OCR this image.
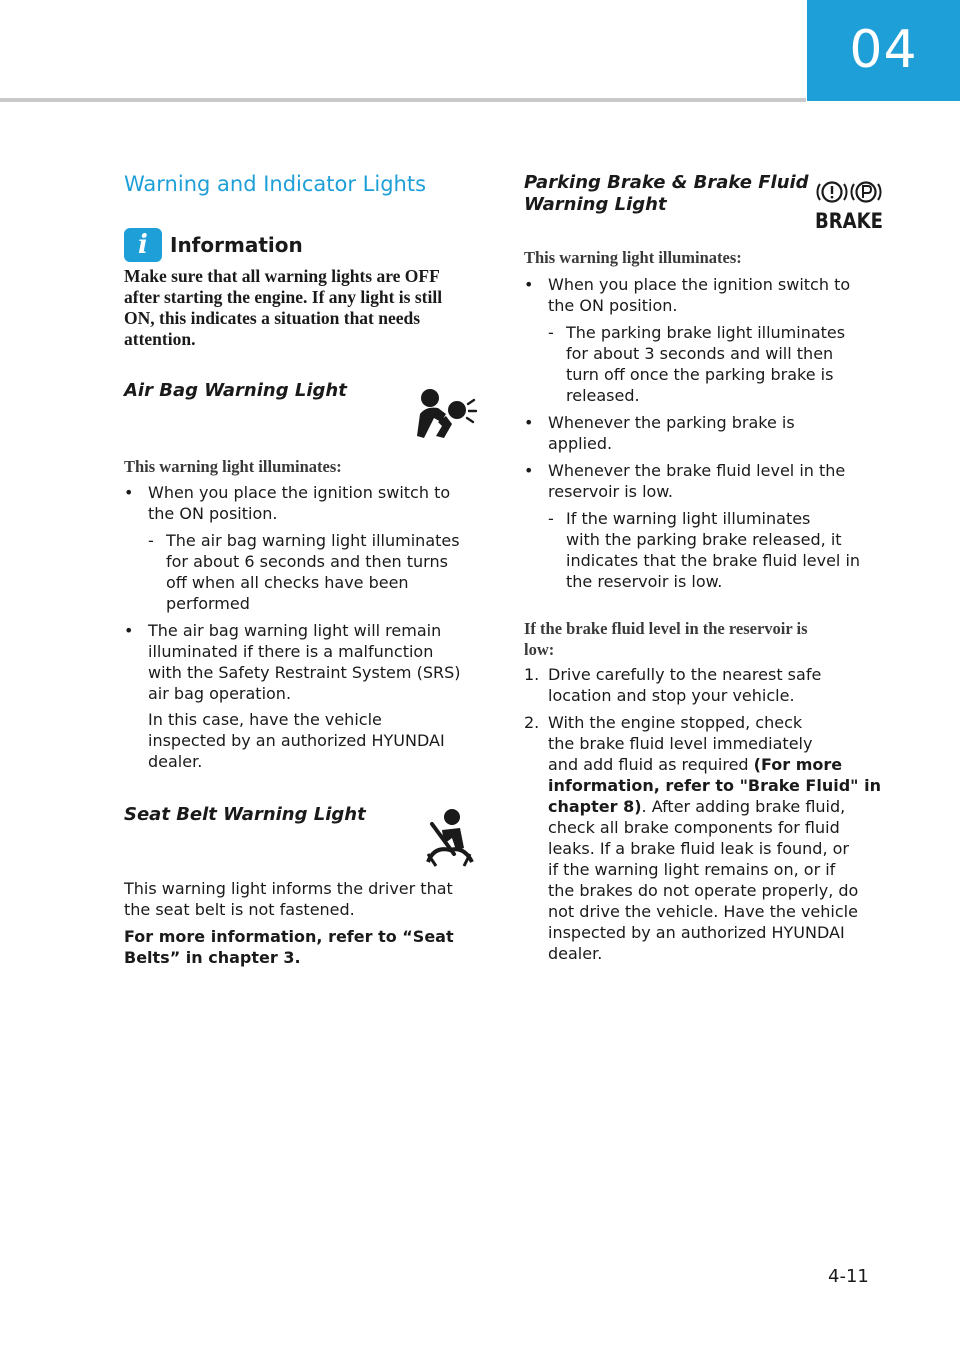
04
Warning and Indicator Lights
i	Information

Make sure that all warning lights are OFF
after starting the engine. If any light is still
ON, this indicates a situation that needs
attention.

Air Bag Warning Light

This warning light illuminates:

• When you place the ignition switch to
the ON position.
- The air bag warning light illuminates
for about 6 seconds and then turns
off when all checks have been
performed
• The air bag warning light will remain
illuminated if there is a malfunction
with the Safety Restraint System (SRS)
air bag operation.

In this case, have the vehicle
inspected by an authorized HYUNDAI
dealer.

Seat Belt Warning Light

This warning light informs the driver that
the seat belt is not fastened.

For more information, refer to “Seat
Belts” in chapter 3.

Parking Brake & Brake Fluid
Warning Light
BRAKE

This warning light illuminates:

• When you place the ignition switch to
the ON position.
- The parking brake light illuminates
for about 3 seconds and will then
turn off once the parking brake is
released.
• Whenever the parking brake is
applied.
• Whenever the brake fluid level in the
reservoir is low.
- If the warning light illuminates
with the parking brake released, it
indicates that the brake fluid level in
the reservoir is low.

If the brake fluid level in the reservoir is
low:

1. Drive carefully to the nearest safe
location and stop your vehicle.
2. With the engine stopped, check
the brake fluid level immediately
and add fluid as required (For more
information, refer to "Brake Fluid" in
chapter 8). After adding brake fluid,
check all brake components for fluid
leaks. If a brake fluid leak is found, or
if the warning light remains on, or if
the brakes do not operate properly, do
not drive the vehicle. Have the vehicle
inspected by an authorized HYUNDAI
dealer.
4-11
